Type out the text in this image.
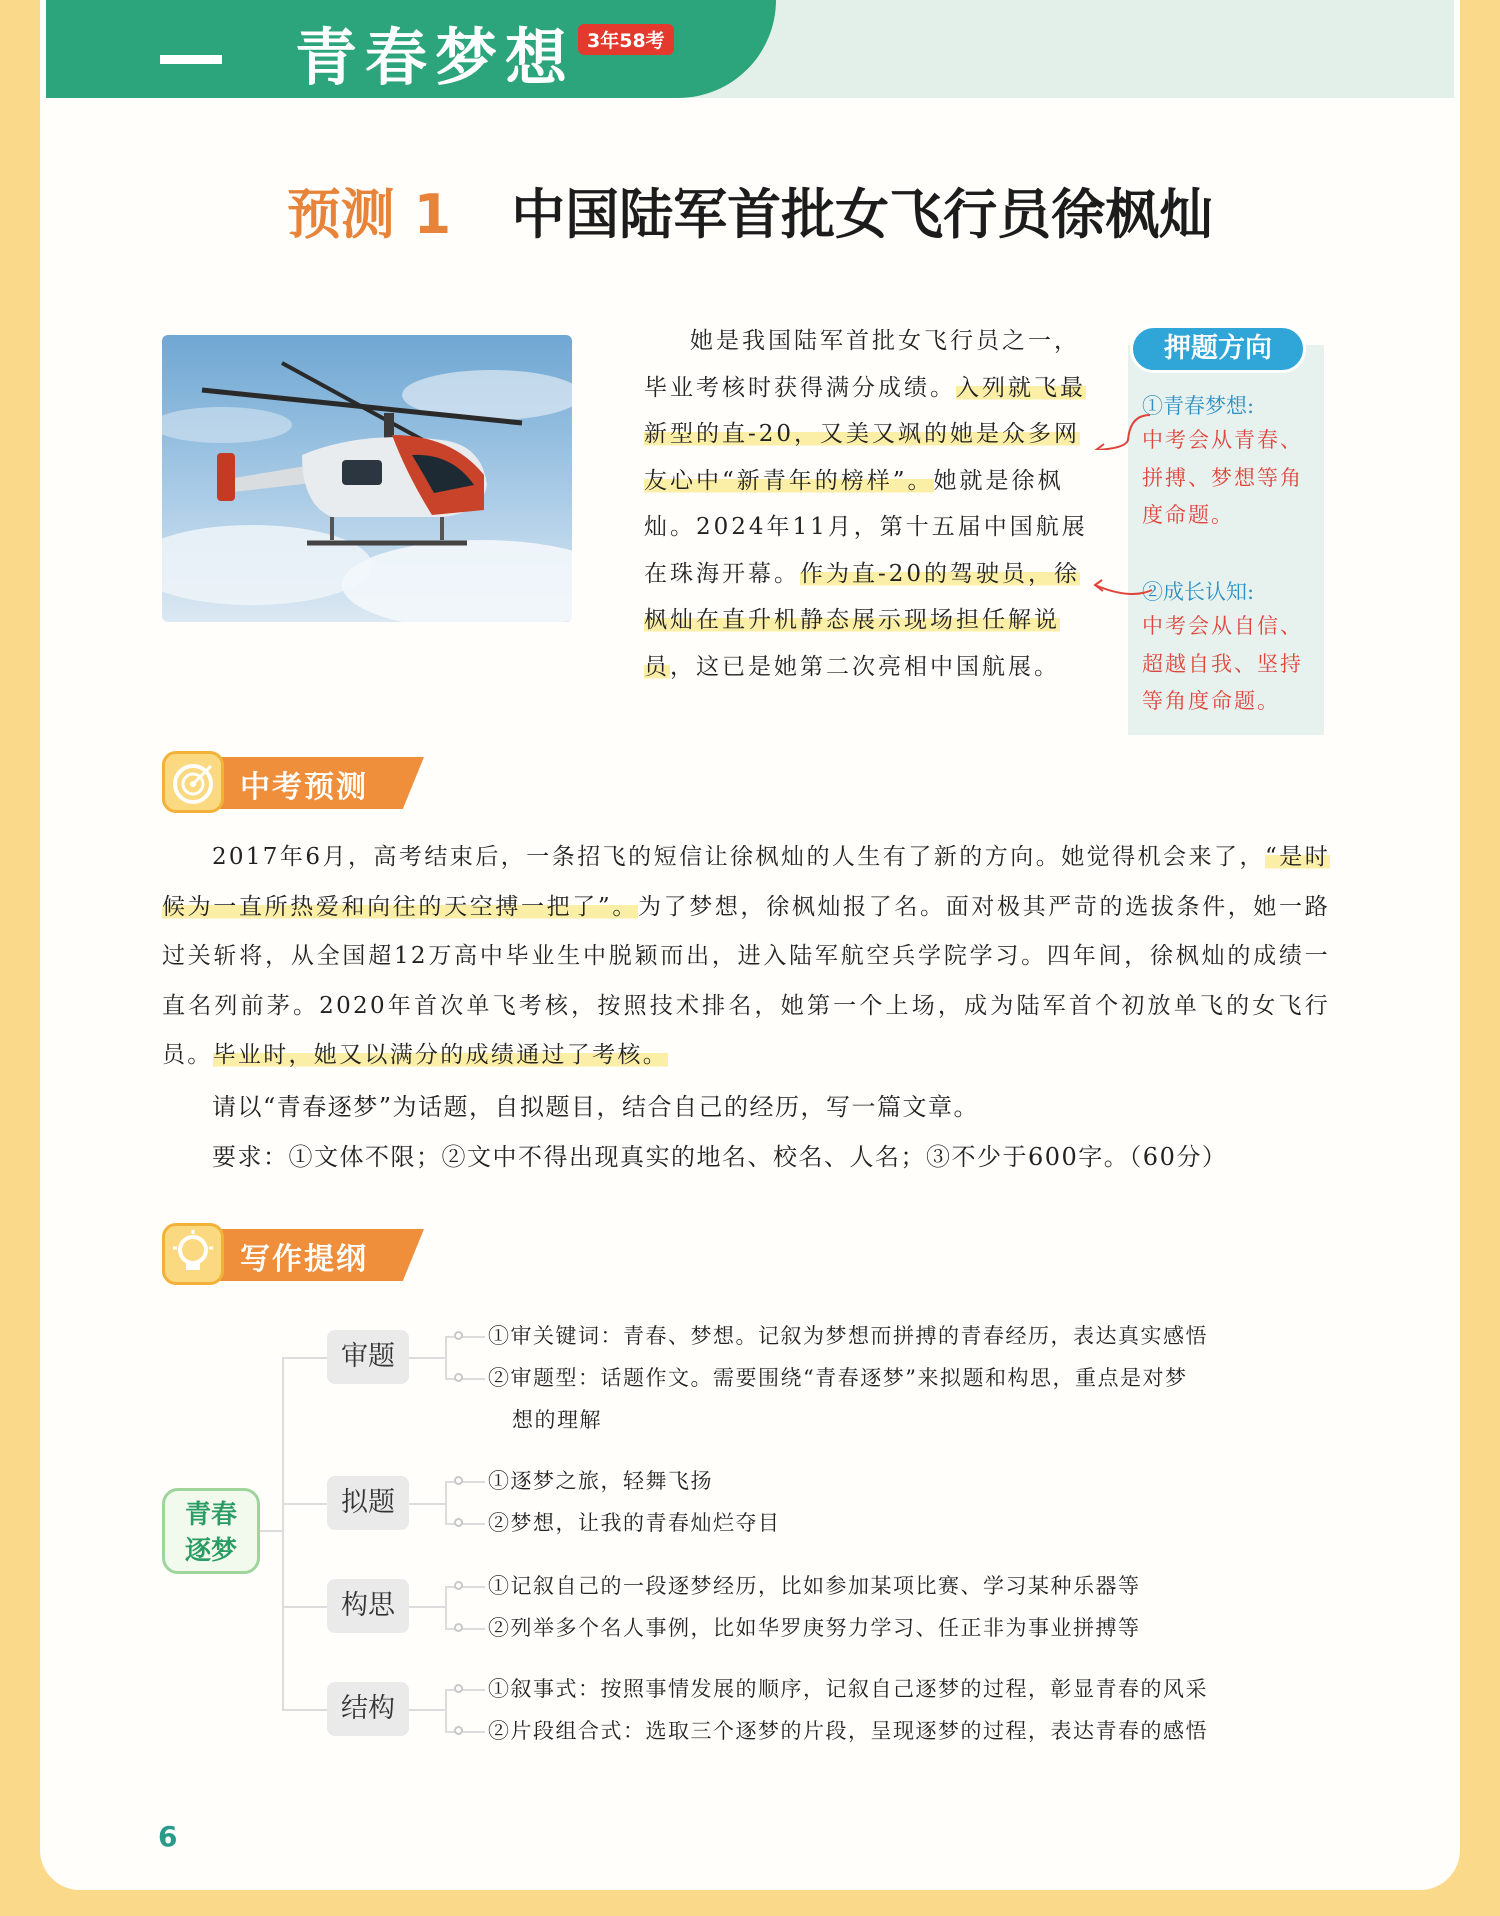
青春梦想 3年58考
预测 1 中国陆军首批女飞行员徐枫灿
她是我国陆军首批女飞行员之一，毕业考核时获得满分成绩。入列就飞最新型的直-20，又美又飒的她是众多网友心中“新青年的榜样”。她就是徐枫灿。2024年11月，第十五届中国航展在珠海开幕。作为直-20的驾驶员，徐枫灿在直升机静态展示现场担任解说员，这已是她第二次亮相中国航展。
押题方向
①青春梦想:
中考会从青春、拼搏、梦想等角度命题。
②成长认知:
中考会从自信、超越自我、坚持等角度命题。
中考预测
2017年6月，高考结束后，一条招飞的短信让徐枫灿的人生有了新的方向。她觉得机会来了，“是时候为一直所热爱和向往的天空搏一把了”。为了梦想，徐枫灿报了名。面对极其严苛的选拔条件，她一路过关斩将，从全国超12万高中毕业生中脱颖而出，进入陆军航空兵学院学习。四年间，徐枫灿的成绩一直名列前茅。2020年首次单飞考核，按照技术排名，她第一个上场，成为陆军首个初放单飞的女飞行员。毕业时，她又以满分的成绩通过了考核。
请以“青春逐梦”为话题，自拟题目，结合自己的经历，写一篇文章。
要求：①文体不限；②文中不得出现真实的地名、校名、人名；③不少于600字。（60分）
写作提纲
青春
逐梦
审题
①审关键词：青春、梦想。记叙为梦想而拼搏的青春经历，表达真实感悟
②审题型：话题作文。需要围绕“青春逐梦”来拟题和构思，重点是对梦
想的理解
拟题
①逐梦之旅，轻舞飞扬
②梦想，让我的青春灿烂夺目
构思
①记叙自己的一段逐梦经历，比如参加某项比赛、学习某种乐器等
②列举多个名人事例，比如华罗庚努力学习、任正非为事业拼搏等
结构
①叙事式：按照事情发展的顺序，记叙自己逐梦的过程，彰显青春的风采
②片段组合式：选取三个逐梦的片段，呈现逐梦的过程，表达青春的感悟
6
